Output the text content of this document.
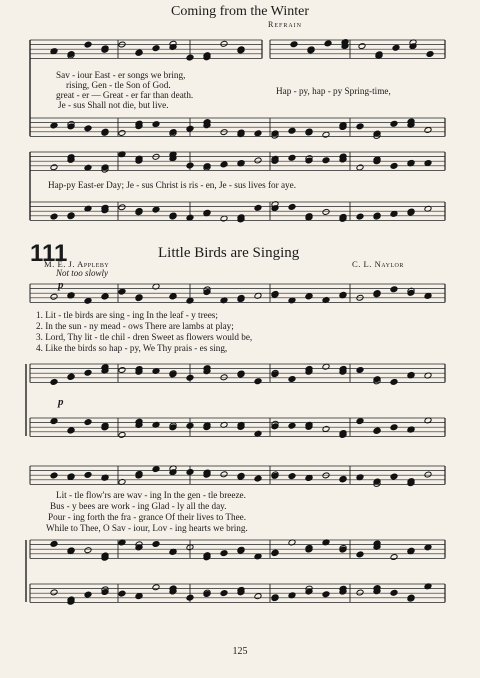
Coming from the Winter
Refrain
Sav - iour East - er songs we bring,
rising, Gen - tle Son of God.
great - er — Great - er far than death.
Je - sus Shall not die, but live.
Hap - py, hap - py Spring-time,
Hap-py East-er Day; Je - sus Christ is ris - en, Je - sus lives for aye.
111	Little Birds are Singing
M. E. J. Appleby	C. L. Naylor
Not too slowly
p
p
1. Lit - tle birds are sing - ing In the leaf - y trees;
2. In the sun - ny mead - ows There are lambs at play;
3. Lord, Thy lit - tle chil - dren Sweet as flowers would be,
4. Like the birds so hap - py, We Thy prais - es sing,
Lit - tle flow'rs are wav - ing In the gen - tle breeze.
Bus - y bees are work - ing Glad - ly all the day.
Pour - ing forth the fra - grance Of their lives to Thee.
While to Thee, O Sav - iour, Lov - ing hearts we bring.
125
